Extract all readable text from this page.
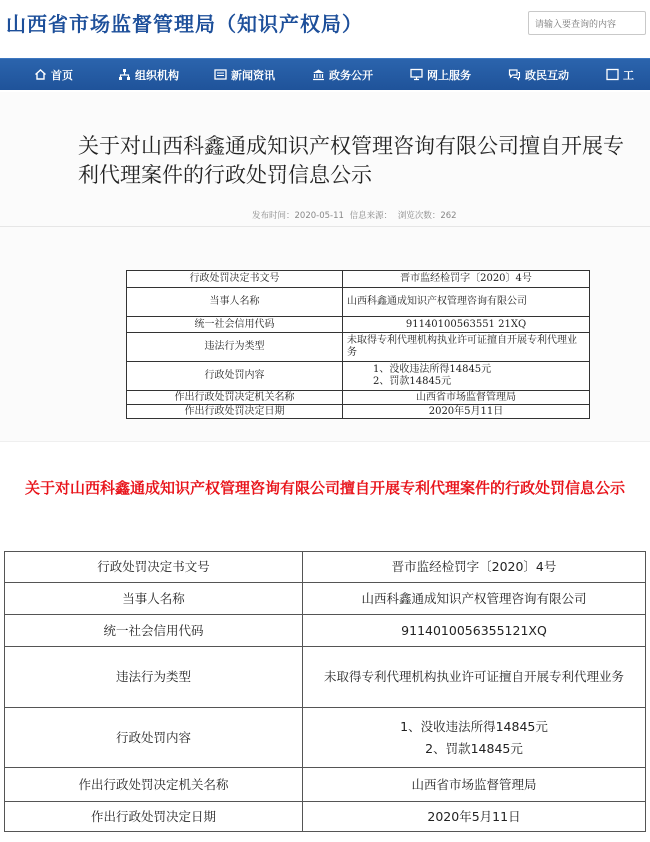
山西省市场监督管理局（知识产权局）
请输入要查询的内容
首页	组织机构	新闻资讯	政务公开	网上服务	政民互动	工
关于对山西科鑫通成知识产权管理咨询有限公司擅自开展专利代理案件的行政处罚信息公示
发布时间：2020-05-11 信息来源： 浏览次数：262
行政处罚决定书文号	晋市监经检罚字〔2020〕4号
当事人名称	山西科鑫通成知识产权管理咨询有限公司
统一社会信用代码	91140100563551 21XQ
违法行为类型	未取得专利代理机构执业许可证擅自开展专利代理业务
行政处罚内容	1、没收违法所得14845元
2、罚款14845元

作出行政处罚决定机关名称	山西省市场监督管理局
作出行政处罚决定日期	2020年5月11日
关于对山西科鑫通成知识产权管理咨询有限公司擅自开展专利代理案件的行政处罚信息公示
行政处罚决定书文号	晋市监经检罚字〔2020〕4号
当事人名称	山西科鑫通成知识产权管理咨询有限公司
统一社会信用代码	9114010056355121XQ
违法行为类型	未取得专利代理机构执业许可证擅自开展专利代理业务
行政处罚内容	1、没收违法所得14845元
2、罚款14845元

作出行政处罚决定机关名称	山西省市场监督管理局
作出行政处罚决定日期	2020年5月11日
